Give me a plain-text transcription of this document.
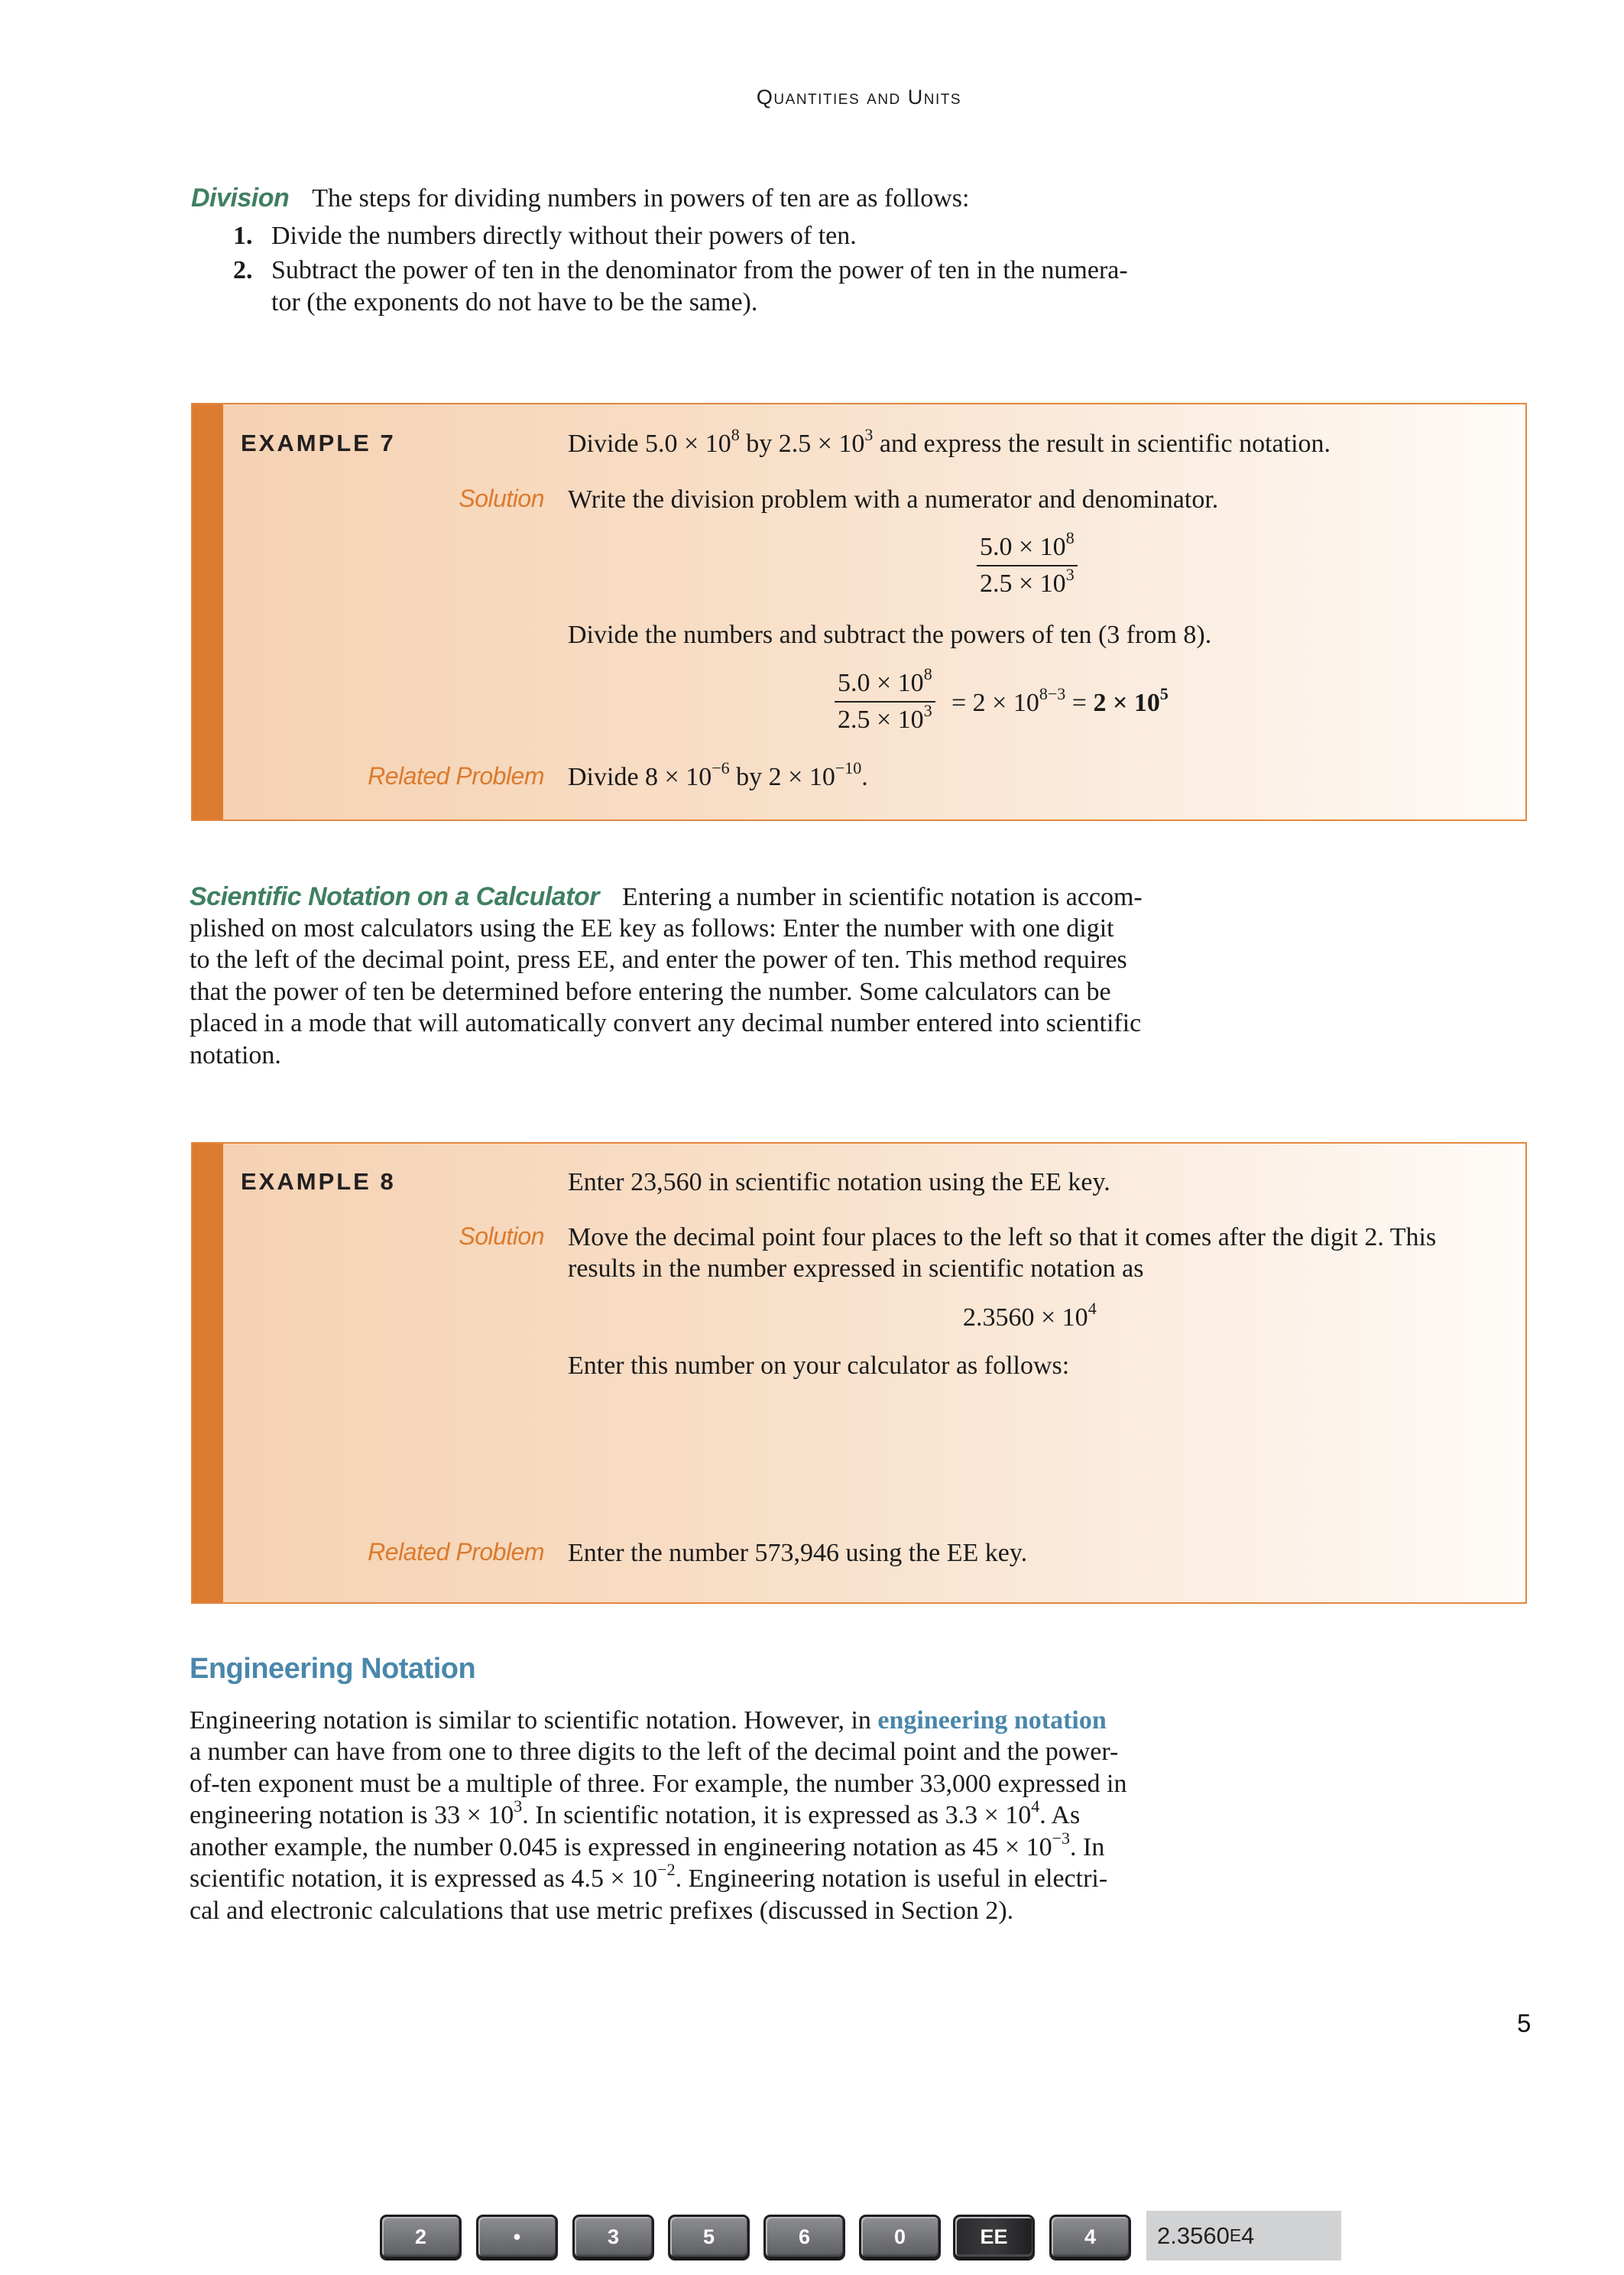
Quantities and Units
Division The steps for dividing numbers in powers of ten are as follows:
1. Divide the numbers directly without their powers of ten.
2. Subtract the power of ten in the denominator from the power of ten in the numera-
tor (the exponents do not have to be the same).
EXAMPLE 7	Divide $5.0 \times 10^8$ by $2.5 \times 10^3$ and express the result in scientific notation.
Solution Write the division problem with a numerator and denominator.
$5.0 \times 10^8$
$2.5 \times 10^3$
Divide the numbers and subtract the powers of ten (3 from 8).
$5.0 \times 10^8$
$2.5 \times 10^3 = 2 \times 10^{8-3} = 2 \times 10^5$
Related Problem Divide $8 \times 10^{-6}$ by $2 \times 10^{-10}$.
Scientific Notation on a Calculator Entering a number in scientific notation is accom-
plished on most calculators using the EE key as follows: Enter the number with one digit
to the left of the decimal point, press EE, and enter the power of ten. This method requires
that the power of ten be determined before entering the number. Some calculators can be
placed in a mode that will automatically convert any decimal number entered into scientific
notation.
EXAMPLE 8	Enter 23,560 in scientific notation using the EE key.
Solution Move the decimal point four places to the left so that it comes after the digit 2. This
results in the number expressed in scientific notation as
$2.3560 \times 10^4$
Enter this number on your calculator as follows:
2	•	3	5	6	0	EE	4	2.3560 E 4
Related Problem Enter the number 573,946 using the EE key.
Engineering Notation
Engineering notation is similar to scientific notation. However, in engineering notation
a number can have from one to three digits to the left of the decimal point and the power-
of-ten exponent must be a multiple of three. For example, the number 33,000 expressed in
engineering notation is $33 \times 10^3$. In scientific notation, it is expressed as $3.3 \times 10^4$. As
another example, the number 0.045 is expressed in engineering notation as $45 \times 10^{-3}$. In
scientific notation, it is expressed as $4.5 \times 10^{-2}$. Engineering notation is useful in electri-
cal and electronic calculations that use metric prefixes (discussed in Section 2).
5
